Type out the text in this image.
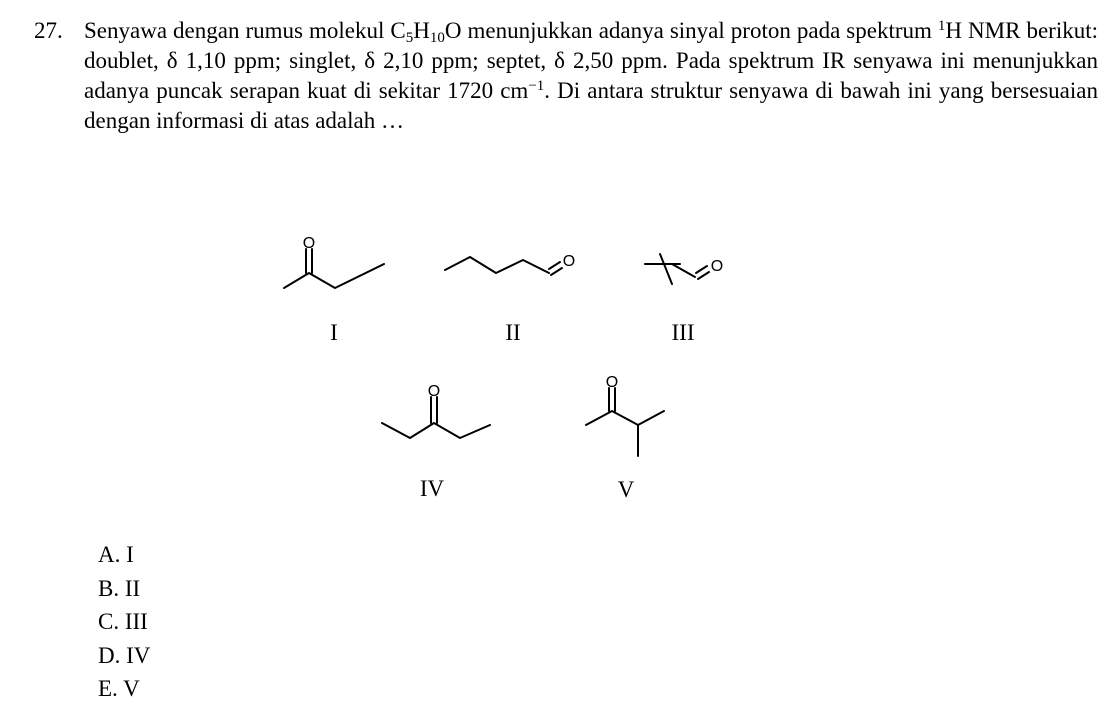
27. Senyawa dengan rumus molekul $C_5H_{10}O$ menunjukkan adanya sinyal proton pada spektrum $^1$H NMR berikut: doublet, δ 1,10 ppm; singlet, δ 2,10 ppm; septet, δ 2,50 ppm. Pada spektrum IR senyawa ini menunjukkan adanya puncak serapan kuat di sekitar 1720 $cm^{-1}$. Di antara struktur senyawa di bawah ini yang bersesuaian dengan informasi di atas adalah …
O
O	O
O
O
I	II	III
IV	V
A. I
B. II
C. III
D. IV
E. V
